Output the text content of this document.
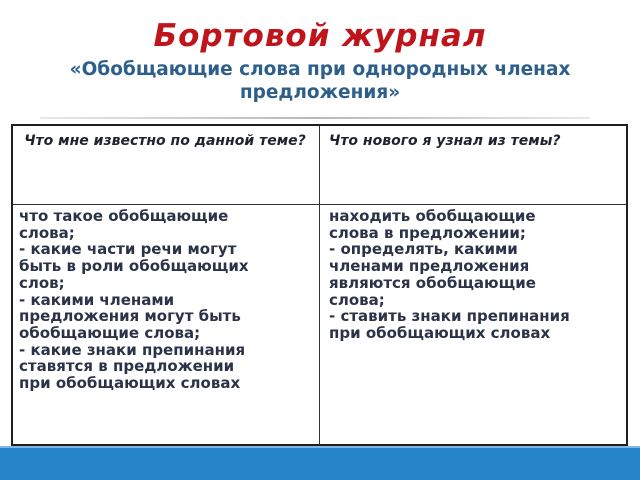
Бортовой журнал
«Обобщающие слова при однородных членах предложения»
Что мне известно по данной теме?	Что нового я узнал из темы?
что такое обобщающие
слова;
- какие части речи могут
быть в роли обобщающих
слов;
- какими членами
предложения могут быть
обобщающие слова;
- какие знаки препинания
ставятся в предложении
при обобщающих словах
находить обобщающие
слова в предложении;
- определять, какими
членами предложения
являются обобщающие
слова;
- ставить знаки препинания
при обобщающих словах
